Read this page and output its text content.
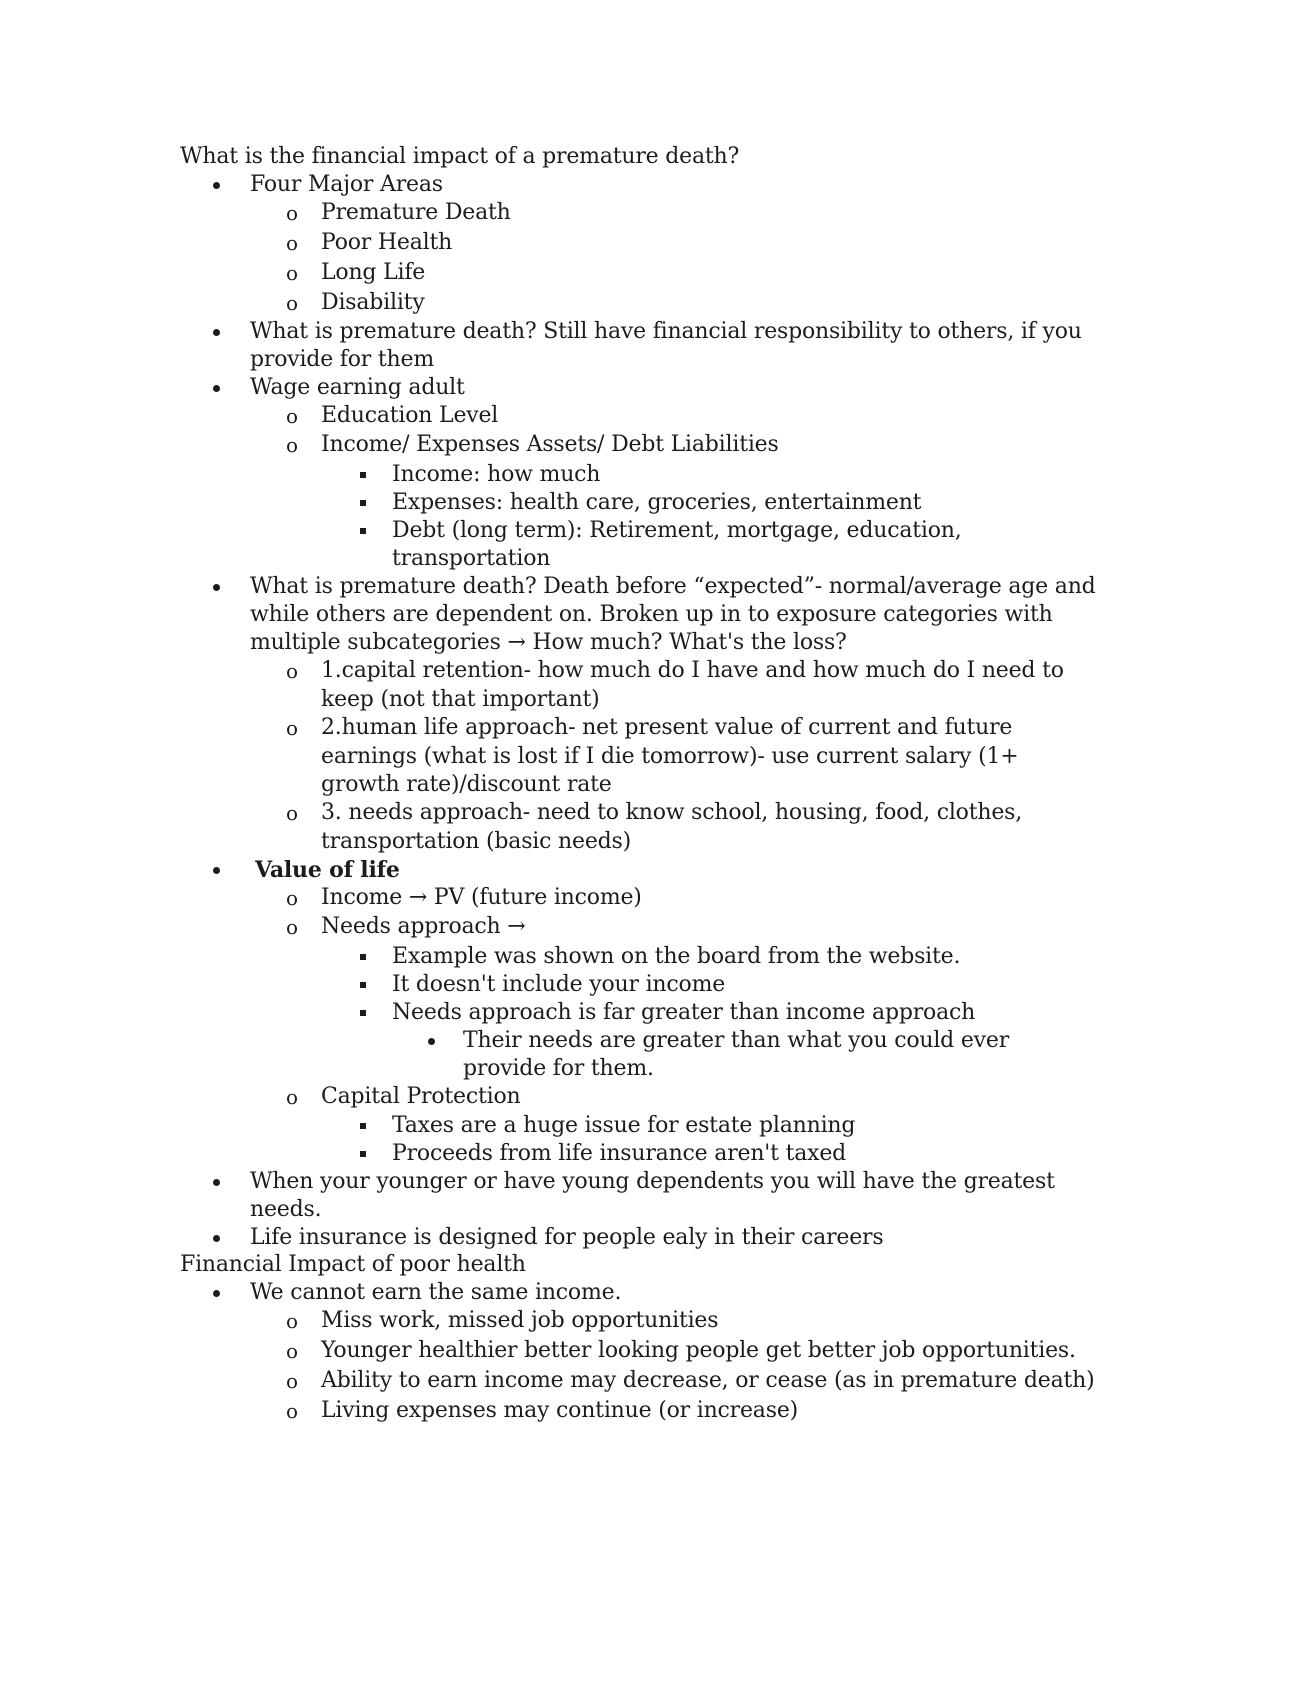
What is the financial impact of a premature death?
Four Major Areas
o Premature Death
o Poor Health
o Long Life
o Disability
What is premature death? Still have financial responsibility to others, if you
provide for them
Wage earning adult
o Education Level
o Income/ Expenses Assets/ Debt Liabilities
Income: how much
Expenses: health care, groceries, entertainment
Debt (long term): Retirement, mortgage, education,
transportation
What is premature death? Death before “expected”- normal/average age and
while others are dependent on. Broken up in to exposure categories with
multiple subcategories → How much? What's the loss?
o 1.capital retention- how much do I have and how much do I need to
keep (not that important)
o 2.human life approach- net present value of current and future
earnings (what is lost if I die tomorrow)- use current salary (1+
growth rate)/discount rate
o 3. needs approach- need to know school, housing, food, clothes,
transportation (basic needs)
Value of life
o Income → PV (future income)
o Needs approach →
Example was shown on the board from the website.
It doesn't include your income
Needs approach is far greater than income approach
Their needs are greater than what you could ever
provide for them.
o Capital Protection
Taxes are a huge issue for estate planning
Proceeds from life insurance aren't taxed
When your younger or have young dependents you will have the greatest
needs.
Life insurance is designed for people ealy in their careers
Financial Impact of poor health
We cannot earn the same income.
o Miss work, missed job opportunities
o Younger healthier better looking people get better job opportunities.
o Ability to earn income may decrease, or cease (as in premature death)
o Living expenses may continue (or increase)
